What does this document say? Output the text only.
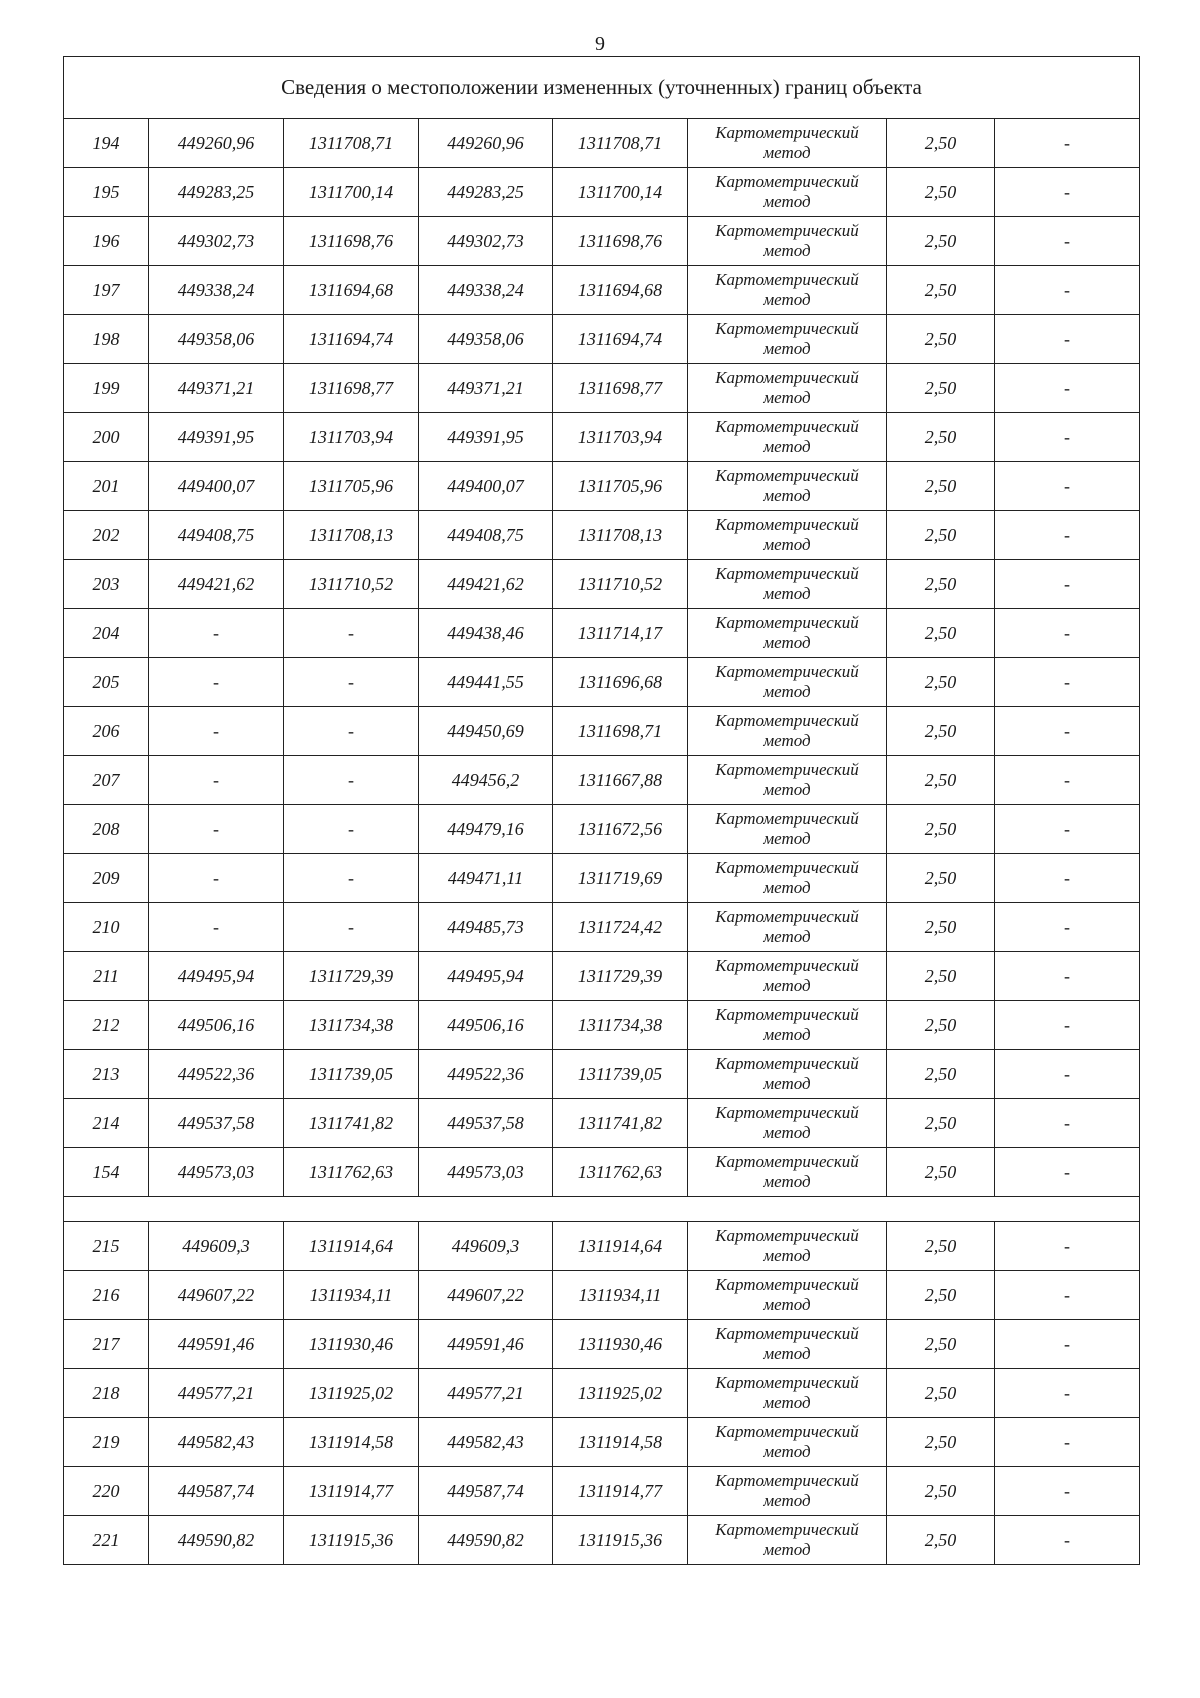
9
Сведения о местоположении измененных (уточненных) границ объекта							
194	449260,96	1311708,71	449260,96	1311708,71	Картометрический
метод	2,50	-
195	449283,25	1311700,14	449283,25	1311700,14	Картометрический
метод	2,50	-
196	449302,73	1311698,76	449302,73	1311698,76	Картометрический
метод	2,50	-
197	449338,24	1311694,68	449338,24	1311694,68	Картометрический
метод	2,50	-
198	449358,06	1311694,74	449358,06	1311694,74	Картометрический
метод	2,50	-
199	449371,21	1311698,77	449371,21	1311698,77	Картометрический
метод	2,50	-
200	449391,95	1311703,94	449391,95	1311703,94	Картометрический
метод	2,50	-
201	449400,07	1311705,96	449400,07	1311705,96	Картометрический
метод	2,50	-
202	449408,75	1311708,13	449408,75	1311708,13	Картометрический
метод	2,50	-
203	449421,62	1311710,52	449421,62	1311710,52	Картометрический
метод	2,50	-
204	-	-	449438,46	1311714,17	Картометрический
метод	2,50	-
205	-	-	449441,55	1311696,68	Картометрический
метод	2,50	-
206	-	-	449450,69	1311698,71	Картометрический
метод	2,50	-
207	-	-	449456,2	1311667,88	Картометрический
метод	2,50	-
208	-	-	449479,16	1311672,56	Картометрический
метод	2,50	-
209	-	-	449471,11	1311719,69	Картометрический
метод	2,50	-
210	-	-	449485,73	1311724,42	Картометрический
метод	2,50	-
211	449495,94	1311729,39	449495,94	1311729,39	Картометрический
метод	2,50	-
212	449506,16	1311734,38	449506,16	1311734,38	Картометрический
метод	2,50	-
213	449522,36	1311739,05	449522,36	1311739,05	Картометрический
метод	2,50	-
214	449537,58	1311741,82	449537,58	1311741,82	Картометрический
метод	2,50	-
154	449573,03	1311762,63	449573,03	1311762,63	Картометрический
метод	2,50	-

215	449609,3	1311914,64	449609,3	1311914,64	Картометрический
метод	2,50	-
216	449607,22	1311934,11	449607,22	1311934,11	Картометрический
метод	2,50	-
217	449591,46	1311930,46	449591,46	1311930,46	Картометрический
метод	2,50	-
218	449577,21	1311925,02	449577,21	1311925,02	Картометрический
метод	2,50	-
219	449582,43	1311914,58	449582,43	1311914,58	Картометрический
метод	2,50	-
220	449587,74	1311914,77	449587,74	1311914,77	Картометрический
метод	2,50	-
221	449590,82	1311915,36	449590,82	1311915,36	Картометрический
метод	2,50	-
